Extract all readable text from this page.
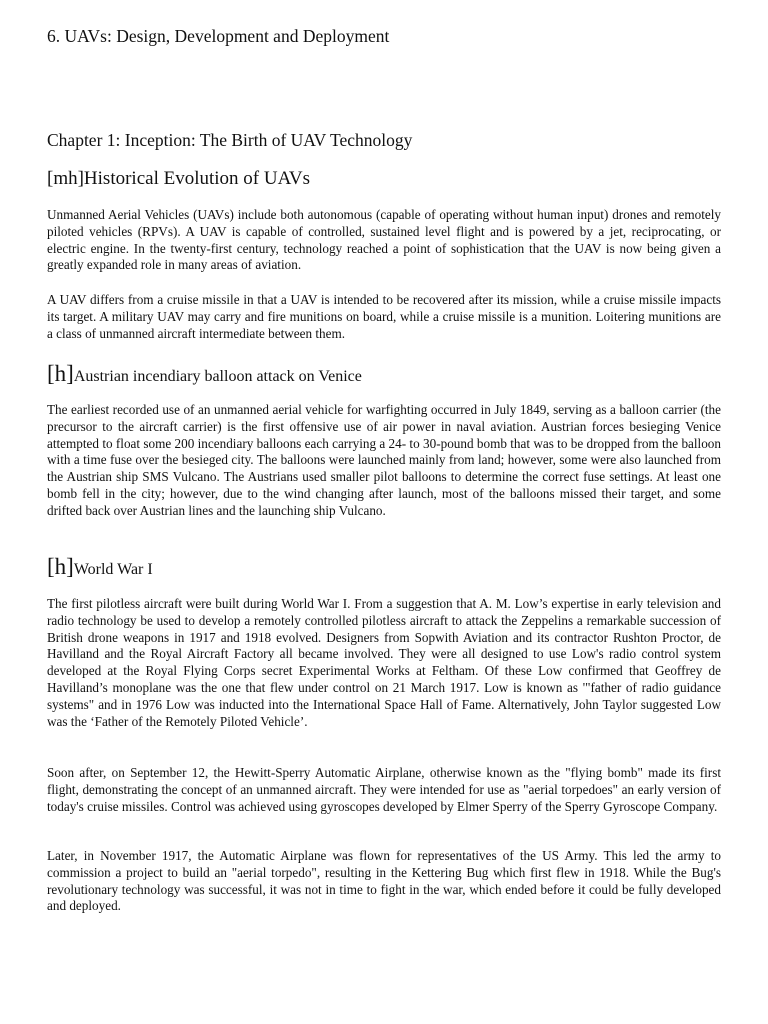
6. UAVs: Design, Development and Deployment
Chapter 1: Inception: The Birth of UAV Technology
[mh]Historical Evolution of UAVs

Unmanned Aerial Vehicles (UAVs) include both autonomous (capable of operating without human input) drones and remotely piloted vehicles (RPVs). A UAV is capable of controlled, sustained level flight and is powered by a jet, reciprocating, or electric engine. In the twenty-first century, technology reached a point of sophistication that the UAV is now being given a greatly expanded role in many areas of aviation.

A UAV differs from a cruise missile in that a UAV is intended to be recovered after its mission, while a cruise missile impacts its target. A military UAV may carry and fire munitions on board, while a cruise missile is a munition. Loitering munitions are a class of unmanned aircraft intermediate between them.

[h]Austrian incendiary balloon attack on Venice

The earliest recorded use of an unmanned aerial vehicle for warfighting occurred in July 1849, serving as a balloon carrier (the precursor to the aircraft carrier) is the first offensive use of air power in naval aviation. Austrian forces besieging Venice attempted to float some 200 incendiary balloons each carrying a 24- to 30-pound bomb that was to be dropped from the balloon with a time fuse over the besieged city. The balloons were launched mainly from land; however, some were also launched from the Austrian ship SMS Vulcano. The Austrians used smaller pilot balloons to determine the correct fuse settings. At least one bomb fell in the city; however, due to the wind changing after launch, most of the balloons missed their target, and some drifted back over Austrian lines and the launching ship Vulcano.

[h]World War I

The first pilotless aircraft were built during World War I. From a suggestion that A. M. Low’s expertise in early television and radio technology be used to develop a remotely controlled pilotless aircraft to attack the Zeppelins a remarkable succession of British drone weapons in 1917 and 1918 evolved. Designers from Sopwith Aviation and its contractor Rushton Proctor, de Havilland and the Royal Aircraft Factory all became involved. They were all designed to use Low's radio control system developed at the Royal Flying Corps secret Experimental Works at Feltham. Of these Low confirmed that Geoffrey de Havilland’s monoplane was the one that flew under control on 21 March 1917. Low is known as '"father of radio guidance systems" and in 1976 Low was inducted into the International Space Hall of Fame. Alternatively, John Taylor suggested Low was the ‘Father of the Remotely Piloted Vehicle’.

Soon after, on September 12, the Hewitt-Sperry Automatic Airplane, otherwise known as the "flying bomb" made its first flight, demonstrating the concept of an unmanned aircraft. They were intended for use as "aerial torpedoes" an early version of today's cruise missiles. Control was achieved using gyroscopes developed by Elmer Sperry of the Sperry Gyroscope Company.

Later, in November 1917, the Automatic Airplane was flown for representatives of the US Army. This led the army to commission a project to build an "aerial torpedo", resulting in the Kettering Bug which first flew in 1918. While the Bug's revolutionary technology was successful, it was not in time to fight in the war, which ended before it could be fully developed and deployed.
